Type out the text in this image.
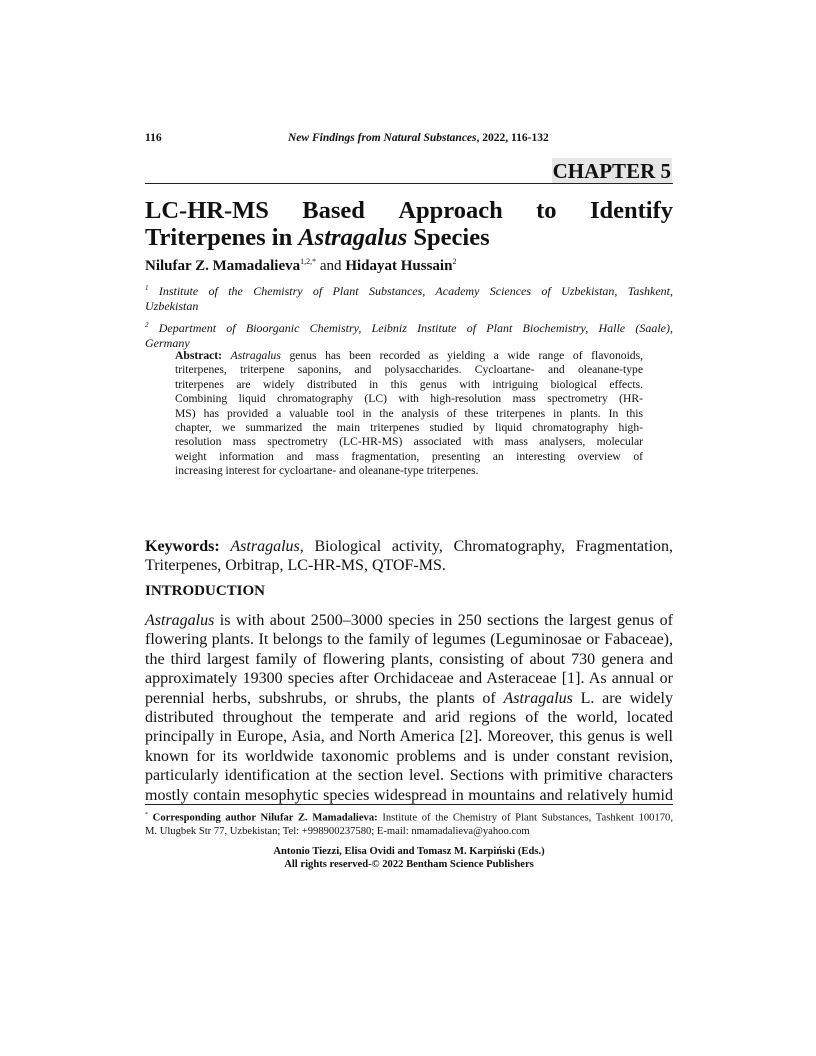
116	New Findings from Natural Substances, 2022, 116-132
CHAPTER 5
LC-HR-MS Based Approach to Identify
Triterpenes in Astragalus Species
Nilufar Z. Mamadalieva$^{1,2,*}$ and Hidayat Hussain$^2$
$^1$ Institute of the Chemistry of Plant Substances, Academy Sciences of Uzbekistan, Tashkent,
Uzbekistan
$^2$ Department of Bioorganic Chemistry, Leibniz Institute of Plant Biochemistry, Halle (Saale),
Germany
Abstract: Astragalus genus has been recorded as yielding a wide range of flavonoids,
triterpenes, triterpene saponins, and polysaccharides. Cycloartane- and oleanane-type
triterpenes are widely distributed in this genus with intriguing biological effects.
Combining liquid chromatography (LC) with high-resolution mass spectrometry (HR-
MS) has provided a valuable tool in the analysis of these triterpenes in plants. In this
chapter, we summarized the main triterpenes studied by liquid chromatography high-
resolution mass spectrometry (LC-HR-MS) associated with mass analysers, molecular
weight information and mass fragmentation, presenting an interesting overview of
increasing interest for cycloartane- and oleanane-type triterpenes.
Keywords: Astragalus, Biological activity, Chromatography, Fragmentation,
Triterpenes, Orbitrap, LC-HR-MS, QTOF-MS.
INTRODUCTION
Astragalus is with about 2500–3000 species in 250 sections the largest genus of
flowering plants. It belongs to the family of legumes (Leguminosae or Fabaceae),
the third largest family of flowering plants, consisting of about 730 genera and
approximately 19300 species after Orchidaceae and Asteraceae [1]. As annual or
perennial herbs, subshrubs, or shrubs, the plants of Astragalus L. are widely
distributed throughout the temperate and arid regions of the world, located
principally in Europe, Asia, and North America [2]. Moreover, this genus is well
known for its worldwide taxonomic problems and is under constant revision,
particularly identification at the section level. Sections with primitive characters
mostly contain mesophytic species widespread in mountains and relatively humid
* Corresponding author Nilufar Z. Mamadalieva: Institute of the Chemistry of Plant Substances, Tashkent 100170,
M. Ulugbek Str 77, Uzbekistan; Tel: +998900237580; E-mail: nmamadalieva@yahoo.com
Antonio Tiezzi, Elisa Ovidi and Tomasz M. Karpiński (Eds.)
All rights reserved-© 2022 Bentham Science Publishers
